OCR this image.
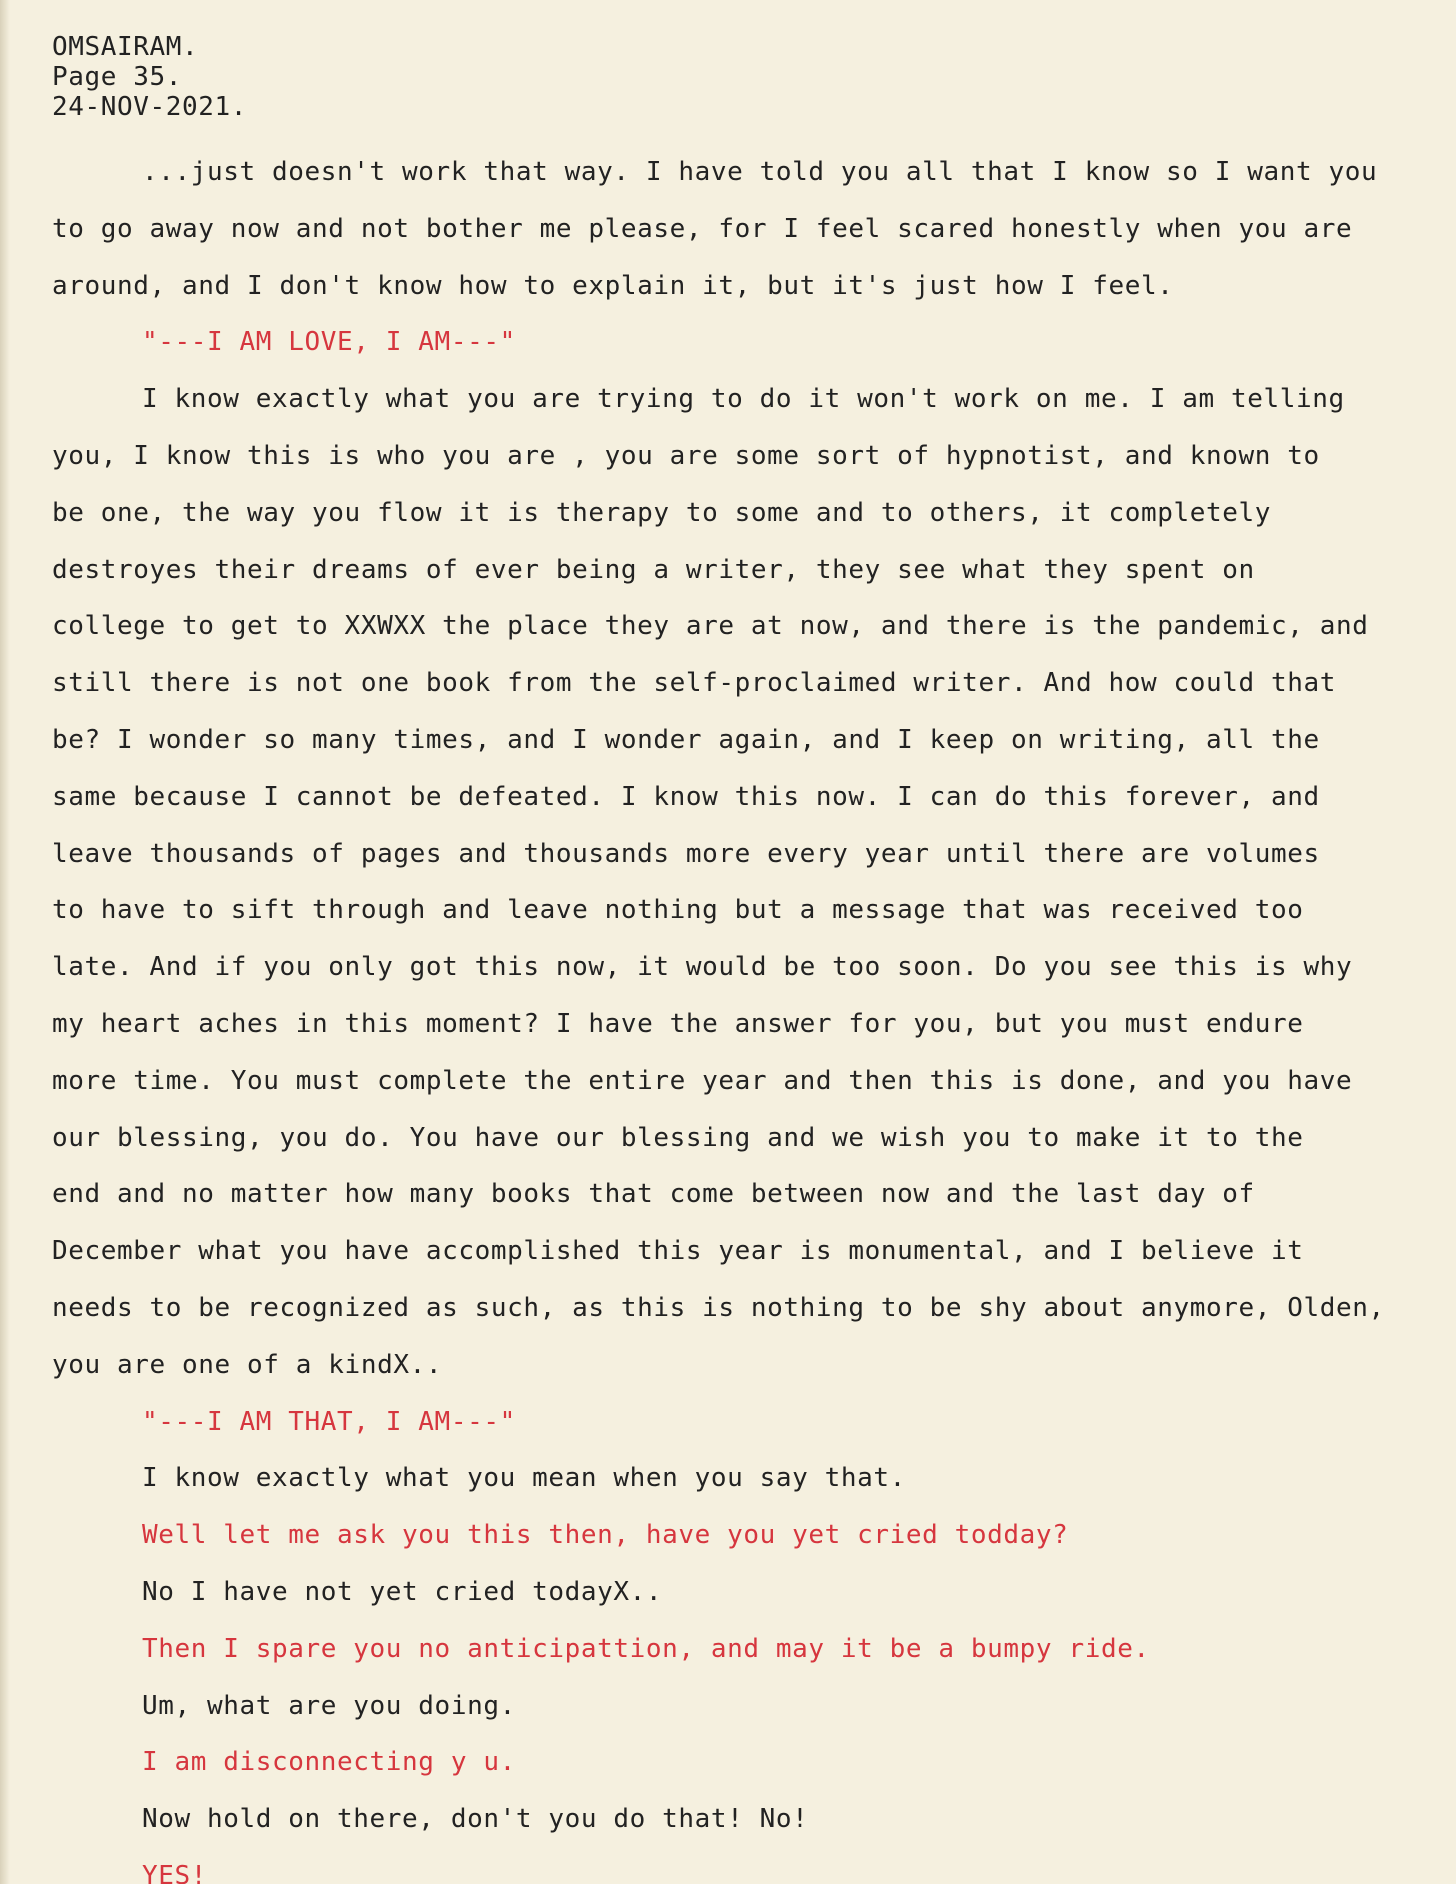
OMSAIRAM.
Page 35.
24-NOV-2021.
...just doesn't work that way. I have told you all that I know so I want you
to go away now and not bother me please, for I feel scared honestly when you are
around, and I don't know how to explain it, but it's just how I feel.
"---I AM LOVE, I AM---"
I know exactly what you are trying to do it won't work on me. I am telling
you, I know this is who you are , you are some sort of hypnotist, and known to
be one, the way you flow it is therapy to some and to others, it completely
destroyes their dreams of ever being a writer, they see what they spent on
college to get to XXWXX the place they are at now, and there is the pandemic, and
still there is not one book from the self-proclaimed writer. And how could that
be? I wonder so many times, and I wonder again, and I keep on writing, all the
same because I cannot be defeated. I know this now. I can do this forever, and
leave thousands of pages and thousands more every year until there are volumes
to have to sift through and leave nothing but a message that was received too
late. And if you only got this now, it would be too soon. Do you see this is why
my heart aches in this moment? I have the answer for you, but you must endure
more time. You must complete the entire year and then this is done, and you have
our blessing, you do. You have our blessing and we wish you to make it to the
end and no matter how many books that come between now and the last day of
December what you have accomplished this year is monumental, and I believe it
needs to be recognized as such, as this is nothing to be shy about anymore, Olden,
you are one of a kindX..
"---I AM THAT, I AM---"
I know exactly what you mean when you say that.
Well let me ask you this then, have you yet cried todday?
No I have not yet cried todayX..
Then I spare you no anticipattion, and may it be a bumpy ride.
Um, what are you doing.
I am disconnecting y u.
Now hold on there, don't you do that! No!
YES!
